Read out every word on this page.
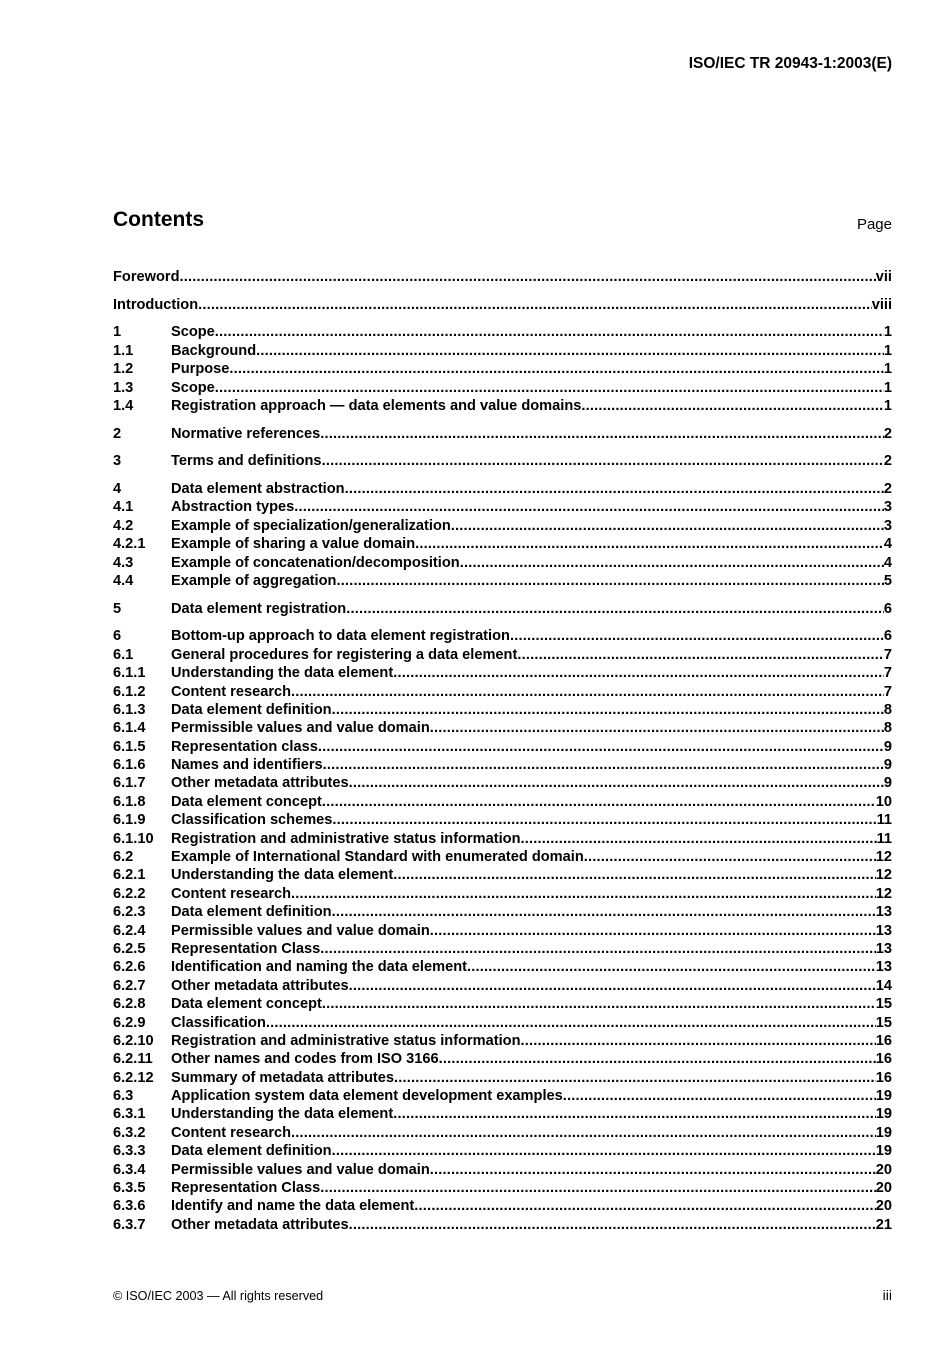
ISO/IEC TR 20943-1:2003(E)
Contents	Page
Foreword .....	vii
Introduction .....	viii
1	Scope .....	1
1.1	Background .....	1
1.2	Purpose .....	1
1.3	Scope .....	1
1.4	Registration approach — data elements and value domains .....	1
2	Normative references .....	2
3	Terms and definitions .....	2
4	Data element abstraction .....	2
4.1	Abstraction types .....	3
4.2	Example of specialization/generalization .....	3
4.2.1	Example of sharing a value domain .....	4
4.3	Example of concatenation/decomposition .....	4
4.4	Example of aggregation .....	5
5	Data element registration .....	6
6	Bottom-up approach to data element registration .....	6
6.1	General procedures for registering a data element .....	7
6.1.1	Understanding the data element .....	7
6.1.2	Content research .....	7
6.1.3	Data element definition .....	8
6.1.4	Permissible values and value domain .....	8
6.1.5	Representation class .....	9
6.1.6	Names and identifiers .....	9
6.1.7	Other metadata attributes .....	9
6.1.8	Data element concept .....	10
6.1.9	Classification schemes .....	11
6.1.10	Registration and administrative status information .....	11
6.2	Example of International Standard with enumerated domain .....	12
6.2.1	Understanding the data element .....	12
6.2.2	Content research .....	12
6.2.3	Data element definition .....	13
6.2.4	Permissible values and value domain .....	13
6.2.5	Representation Class .....	13
6.2.6	Identification and naming the data element .....	13
6.2.7	Other metadata attributes .....	14
6.2.8	Data element concept .....	15
6.2.9	Classification .....	15
6.2.10	Registration and administrative status information .....	16
6.2.11	Other names and codes from ISO 3166 .....	16
6.2.12	Summary of metadata attributes .....	16
6.3	Application system data element development examples .....	19
6.3.1	Understanding the data element .....	19
6.3.2	Content research .....	19
6.3.3	Data element definition .....	19
6.3.4	Permissible values and value domain .....	20
6.3.5	Representation Class .....	20
6.3.6	Identify and name the data element .....	20
6.3.7	Other metadata attributes .....	21
© ISO/IEC 2003 — All rights reserved	iii
